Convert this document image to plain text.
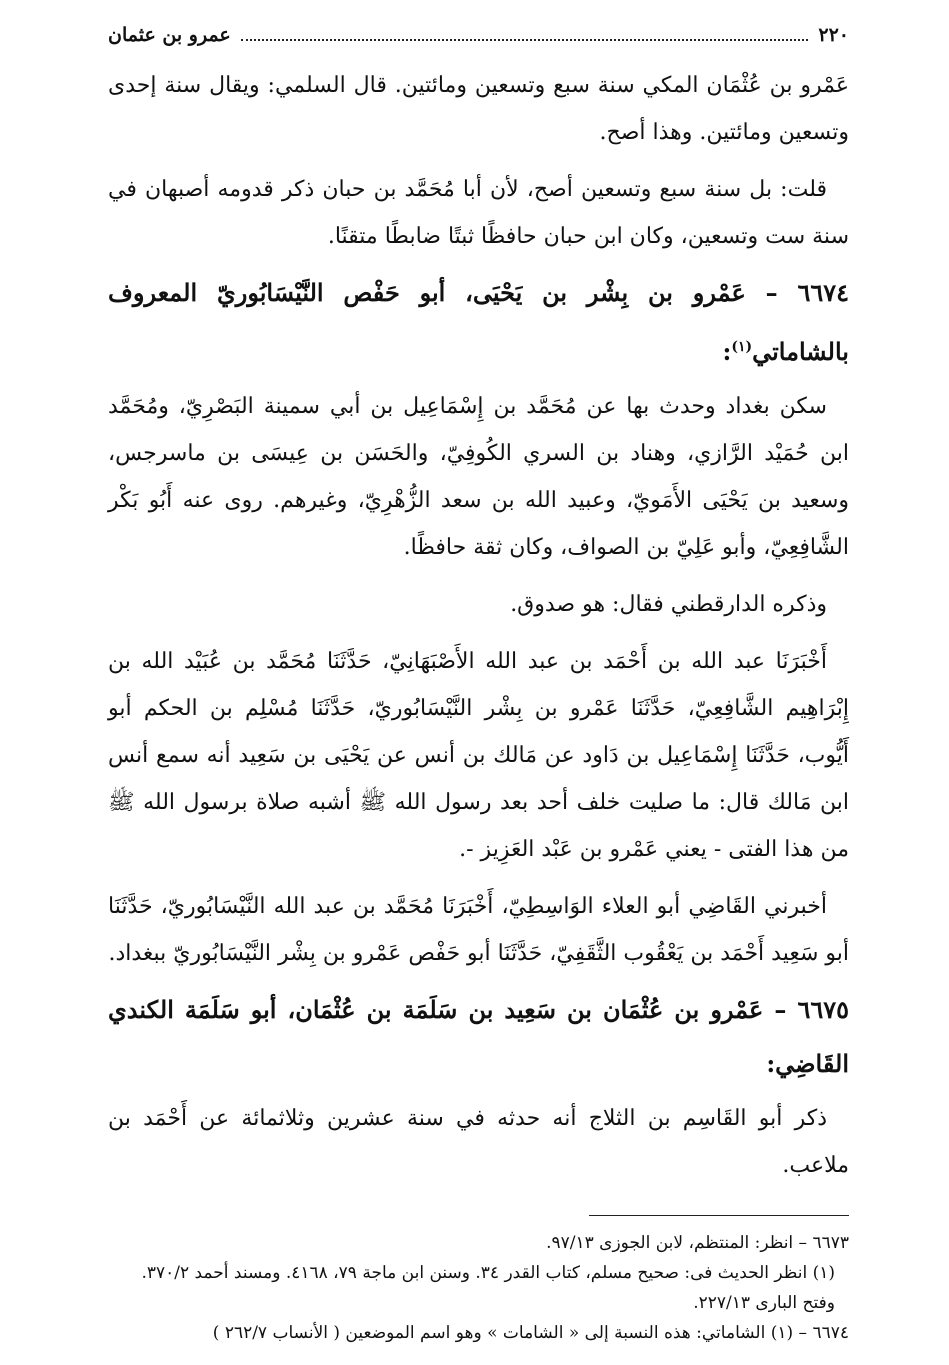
٢٢٠
عمرو بن عثمان

عَمْرو بن عُثْمَان المكي سنة سبع وتسعين ومائتين. قال السلمي: ويقال سنة إحدى وتسعين ومائتين. وهذا أصح.

قلت: بل سنة سبع وتسعين أصح، لأن أبا مُحَمَّد بن حبان ذكر قدومه أصبهان في سنة ست وتسعين، وكان ابن حبان حافظًا ثبتًا ضابطًا متقنًا.

٦٦٧٤ – عَمْرو بن بِشْر بن يَحْيَى، أبو حَفْص النَّيْسَابُوريّ المعروف بالشاماتي$^{(١)}$:

سكن بغداد وحدث بها عن مُحَمَّد بن إِسْمَاعِيل بن أبي سمينة البَصْرِيّ، ومُحَمَّد ابن حُمَيْد الرَّازي، وهناد بن السري الكُوفِيّ، والحَسَن بن عِيسَى بن ماسرجس، وسعيد بن يَحْيَى الأَمَويّ، وعبيد الله بن سعد الزُّهْرِيّ، وغيرهم. روى عنه أَبُو بَكْر الشَّافِعِيّ، وأبو عَلِيّ بن الصواف، وكان ثقة حافظًا.

وذكره الدارقطني فقال: هو صدوق.

أَخْبَرَنَا عبد الله بن أَحْمَد بن عبد الله الأَصْبَهَانِيّ، حَدَّثَنَا مُحَمَّد بن عُبَيْد الله بن إِبْرَاهِيم الشَّافِعِيّ، حَدَّثَنَا عَمْرو بن بِشْر النَّيْسَابُوريّ، حَدَّثَنَا مُسْلِم بن الحكم أبو أَيُّوب، حَدَّثَنَا إِسْمَاعِيل بن دَاود عن مَالك بن أنس عن يَحْيَى بن سَعِيد أنه سمع أنس ابن مَالك قال: ما صليت خلف أحد بعد رسول الله ﷺ أشبه صلاة برسول الله ﷺ من هذا الفتى - يعني عَمْرو بن عَبْد العَزِيز -.

أخبرني القَاضِي أبو العلاء الوَاسِطِيّ، أَخْبَرَنَا مُحَمَّد بن عبد الله النَّيْسَابُوريّ، حَدَّثَنَا أبو سَعِيد أَحْمَد بن يَعْقُوب الثَّقَفِيّ، حَدَّثَنَا أبو حَفْص عَمْرو بن بِشْر النَّيْسَابُوريّ ببغداد.

٦٦٧٥ – عَمْرو بن عُثْمَان بن سَعِيد بن سَلَمَة بن عُثْمَان، أبو سَلَمَة الكندي القَاضِي:

ذكر أبو القَاسِم بن الثلاج أنه حدثه في سنة عشرين وثلاثمائة عن أَحْمَد بن ملاعب.

٦٦٧٣ – انظر: المنتظم، لابن الجوزى ٩٧/١٣.

(١) انظر الحديث فى: صحيح مسلم، كتاب القدر ٣٤. وسنن ابن ماجة ٧٩، ٤١٦٨. ومسند أحمد ٣٧٠/٢. وفتح البارى ٢٢٧/١٣.

٦٦٧٤ – (١) الشاماتي: هذه النسبة إلى « الشامات » وهو اسم الموضعين ( الأنساب ٢٦٢/٧ )
